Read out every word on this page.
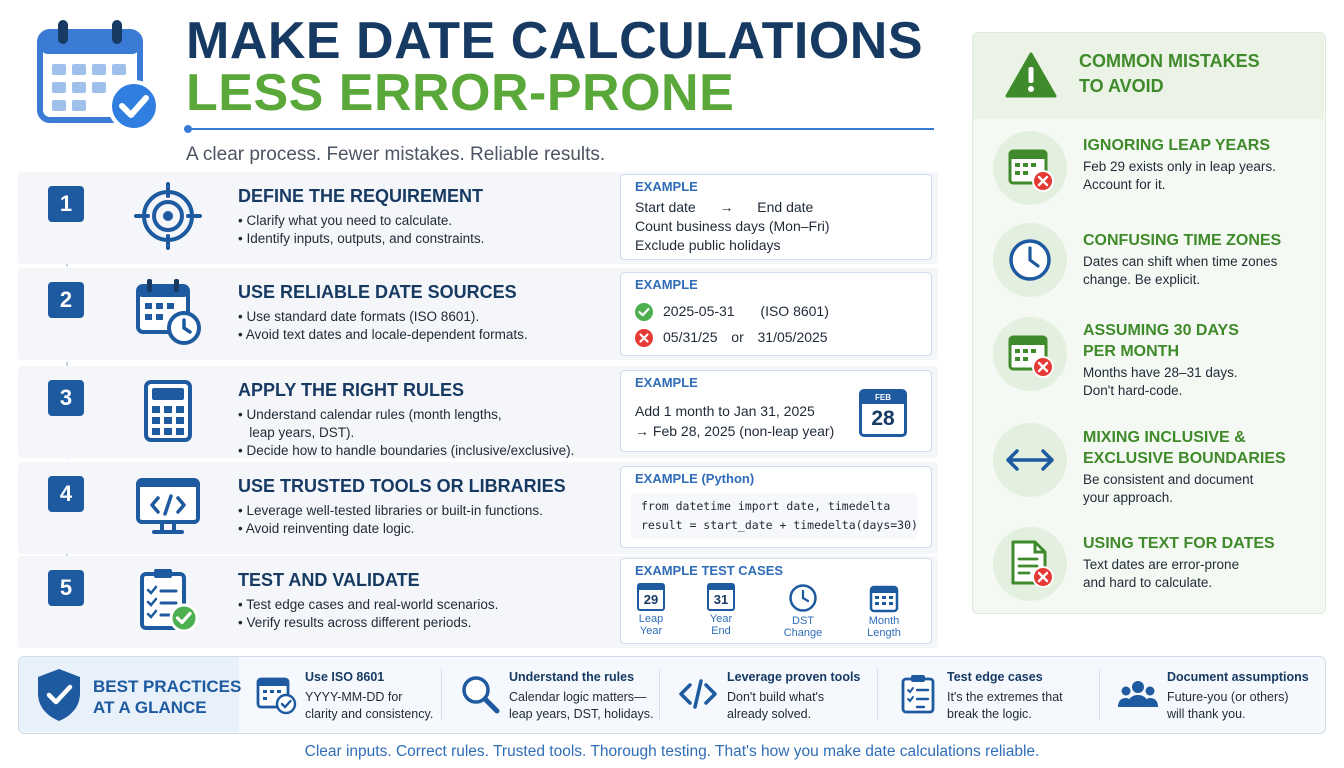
MAKE DATE CALCULATIONS
LESS ERROR-PRONE
A clear process. Fewer mistakes. Reliable results.
1	DEFINE THE REQUIREMENT
• Clarify what you need to calculate.
• Identify inputs, outputs, and constraints.
EXAMPLE
Start date → End date
Count business days (Mon–Fri)
Exclude public holidays
2	USE RELIABLE DATE SOURCES
• Use standard date formats (ISO 8601).
• Avoid text dates and locale-dependent formats.
EXAMPLE
2025-05-31 (ISO 8601)
05/31/25 or 31/05/2025
3	APPLY THE RIGHT RULES
• Understand calendar rules (month lengths,
leap years, DST).
• Decide how to handle boundaries (inclusive/exclusive).
EXAMPLE
Add 1 month to Jan 31, 2025
→ Feb 28, 2025 (non-leap year)
FEB
28
4	USE TRUSTED TOOLS OR LIBRARIES
• Leverage well-tested libraries or built-in functions.
• Avoid reinventing date logic.
EXAMPLE (Python)
from datetime import date, timedelta
result = start_date + timedelta(days=30)
5	TEST AND VALIDATE
• Test edge cases and real-world scenarios.
• Verify results across different periods.
EXAMPLE TEST CASES
29
Leap
Year
31
Year
End
DST
Change
Month
Length
COMMON MISTAKES
TO AVOID
IGNORING LEAP YEARS
Feb 29 exists only in leap years.
Account for it.
CONFUSING TIME ZONES
Dates can shift when time zones
change. Be explicit.
ASSUMING 30 DAYS
PER MONTH
Months have 28–31 days.
Don't hard-code.
MIXING INCLUSIVE &
EXCLUSIVE BOUNDARIES
Be consistent and document
your approach.
USING TEXT FOR DATES
Text dates are error-prone
and hard to calculate.
BEST PRACTICES
AT A GLANCE
Use ISO 8601
YYYY-MM-DD for
clarity and consistency.
Understand the rules
Calendar logic matters—
leap years, DST, holidays.
Leverage proven tools
Don't build what's
already solved.
Test edge cases
It's the extremes that
break the logic.
Document assumptions
Future-you (or others)
will thank you.
Clear inputs. Correct rules. Trusted tools. Thorough testing. That's how you make date calculations reliable.
